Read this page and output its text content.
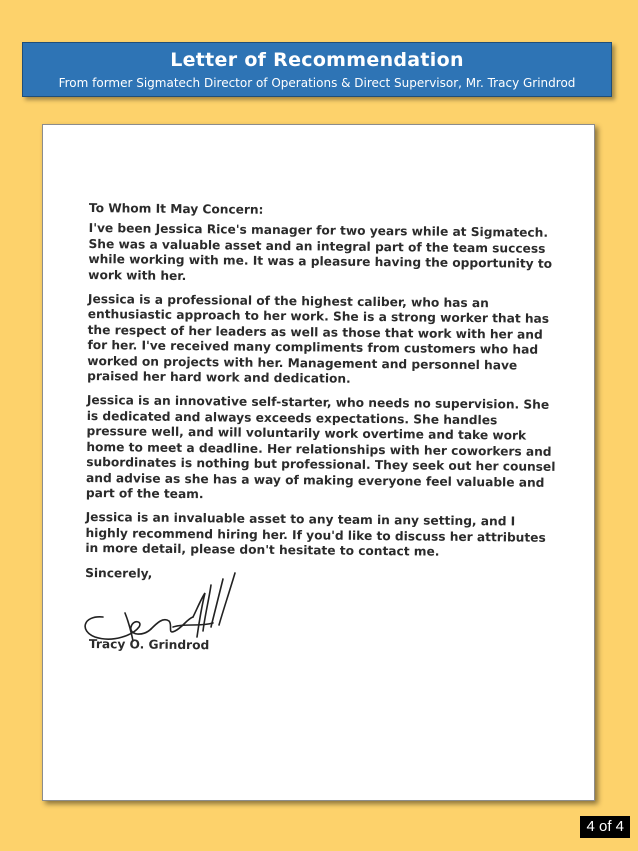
Letter of Recommendation
From former Sigmatech Director of Operations & Direct Supervisor, Mr. Tracy Grindrod

To Whom It May Concern:

I've been Jessica Rice's manager for two years while at Sigmatech. She was a valuable asset and an integral part of the team success while working with me. It was a pleasure having the opportunity to work with her.

Jessica is a professional of the highest caliber, who has an enthusiastic approach to her work. She is a strong worker that has the respect of her leaders as well as those that work with her and for her. I've received many compliments from customers who had worked on projects with her. Management and personnel have praised her hard work and dedication.

Jessica is an innovative self-starter, who needs no supervision. She is dedicated and always exceeds expectations. She handles pressure well, and will voluntarily work overtime and take work home to meet a deadline. Her relationships with her coworkers and subordinates is nothing but professional. They seek out her counsel and advise as she has a way of making everyone feel valuable and part of the team.

Jessica is an invaluable asset to any team in any setting, and I highly recommend hiring her. If you'd like to discuss her attributes in more detail, please don't hesitate to contact me.

Sincerely,

Tracy O. Grindrod
4 of 4
